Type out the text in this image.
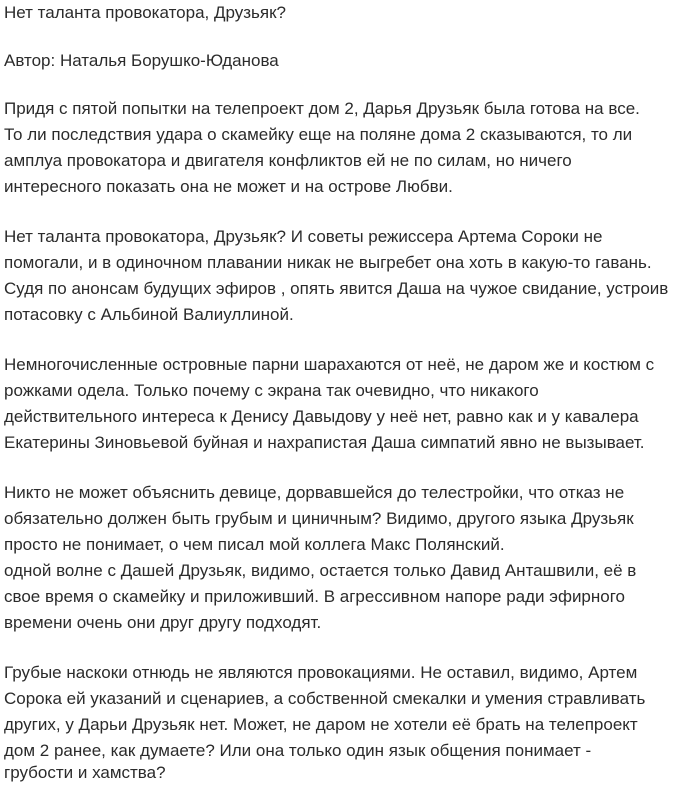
Нет таланта провокатора, Друзьяк?
Автор: Наталья Борушко-Юданова
Придя с пятой попытки на телепроект дом 2, Дарья Друзьяк была готова на все.
То ли последствия удара о скамейку еще на поляне дома 2 сказываются, то ли
амплуа провокатора и двигателя конфликтов ей не по силам, но ничего
интересного показать она не может и на острове Любви.
Нет таланта провокатора, Друзьяк? И советы режиссера Артема Сороки не
помогали, и в одиночном плавании никак не выгребет она хоть в какую-то гавань.
Судя по анонсам будущих эфиров , опять явится Даша на чужое свидание, устроив
потасовку с Альбиной Валиуллиной.
Немногочисленные островные парни шарахаются от неё, не даром же и костюм с
рожками одела. Только почему с экрана так очевидно, что никакого
действительного интереса к Денису Давыдову у неё нет, равно как и у кавалера
Екатерины Зиновьевой буйная и нахрапистая Даша симпатий явно не вызывает.
Никто не может объяснить девице, дорвавшейся до телестройки, что отказ не
обязательно должен быть грубым и циничным? Видимо, другого языка Друзьяк
просто не понимает, о чем писал мой коллега Макс Полянский.
одной волне с Дашей Друзьяк, видимо, остается только Давид Анташвили, её в
свое время о скамейку и приложивший. В агрессивном напоре ради эфирного
времени очень они друг другу подходят.
Грубые наскоки отнюдь не являются провокациями. Не оставил, видимо, Артем
Сорока ей указаний и сценариев, а собственной смекалки и умения стравливать
других, у Дарьи Друзьяк нет. Может, не даром не хотели её брать на телепроект
дом 2 ранее, как думаете? Или она только один язык общения понимает -
грубости и хамства?
